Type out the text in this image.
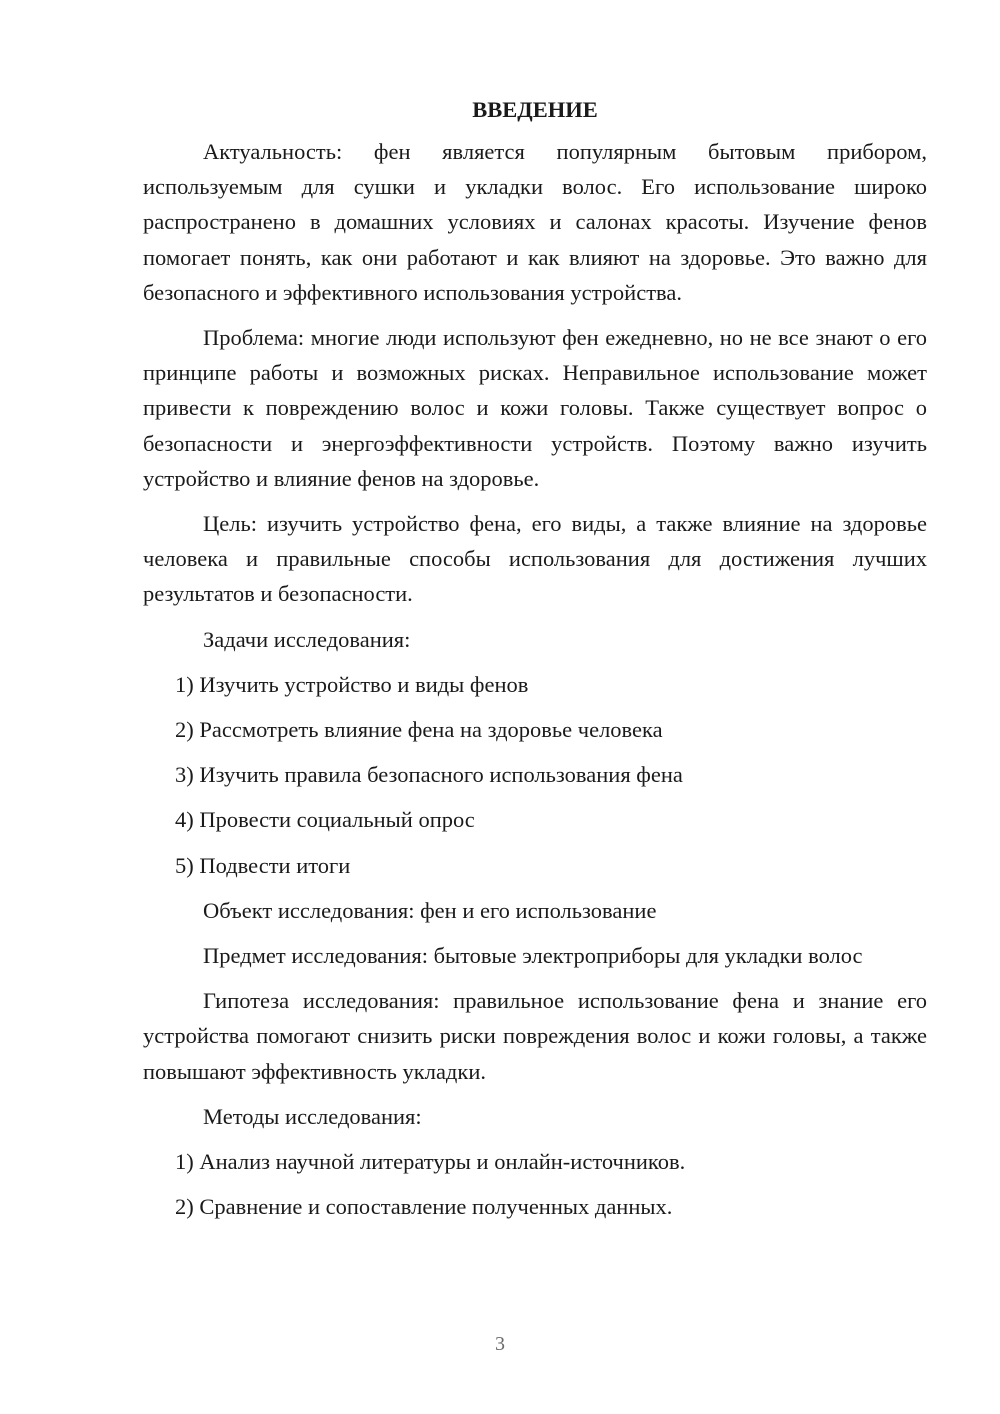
ВВЕДЕНИЕ

Актуальность: фен является популярным бытовым прибором, используемым для сушки и укладки волос. Его использование широко распространено в домашних условиях и салонах красоты. Изучение фенов помогает понять, как они работают и как влияют на здоровье. Это важно для безопасного и эффективного использования устройства.

Проблема: многие люди используют фен ежедневно, но не все знают о его принципе работы и возможных рисках. Неправильное использование может привести к повреждению волос и кожи головы. Также существует вопрос о безопасности и энергоэффективности устройств. Поэтому важно изучить устройство и влияние фенов на здоровье.

Цель: изучить устройство фена, его виды, а также влияние на здоровье человека и правильные способы использования для достижения лучших результатов и безопасности.

Задачи исследования:

1) Изучить устройство и виды фенов

2) Рассмотреть влияние фена на здоровье человека

3) Изучить правила безопасного использования фена

4) Провести социальный опрос

5) Подвести итоги

Объект исследования: фен и его использование

Предмет исследования: бытовые электроприборы для укладки волос

Гипотеза исследования: правильное использование фена и знание его устройства помогают снизить риски повреждения волос и кожи головы, а также повышают эффективность укладки.

Методы исследования:

1) Анализ научной литературы и онлайн-источников.

2) Сравнение и сопоставление полученных данных.

3
